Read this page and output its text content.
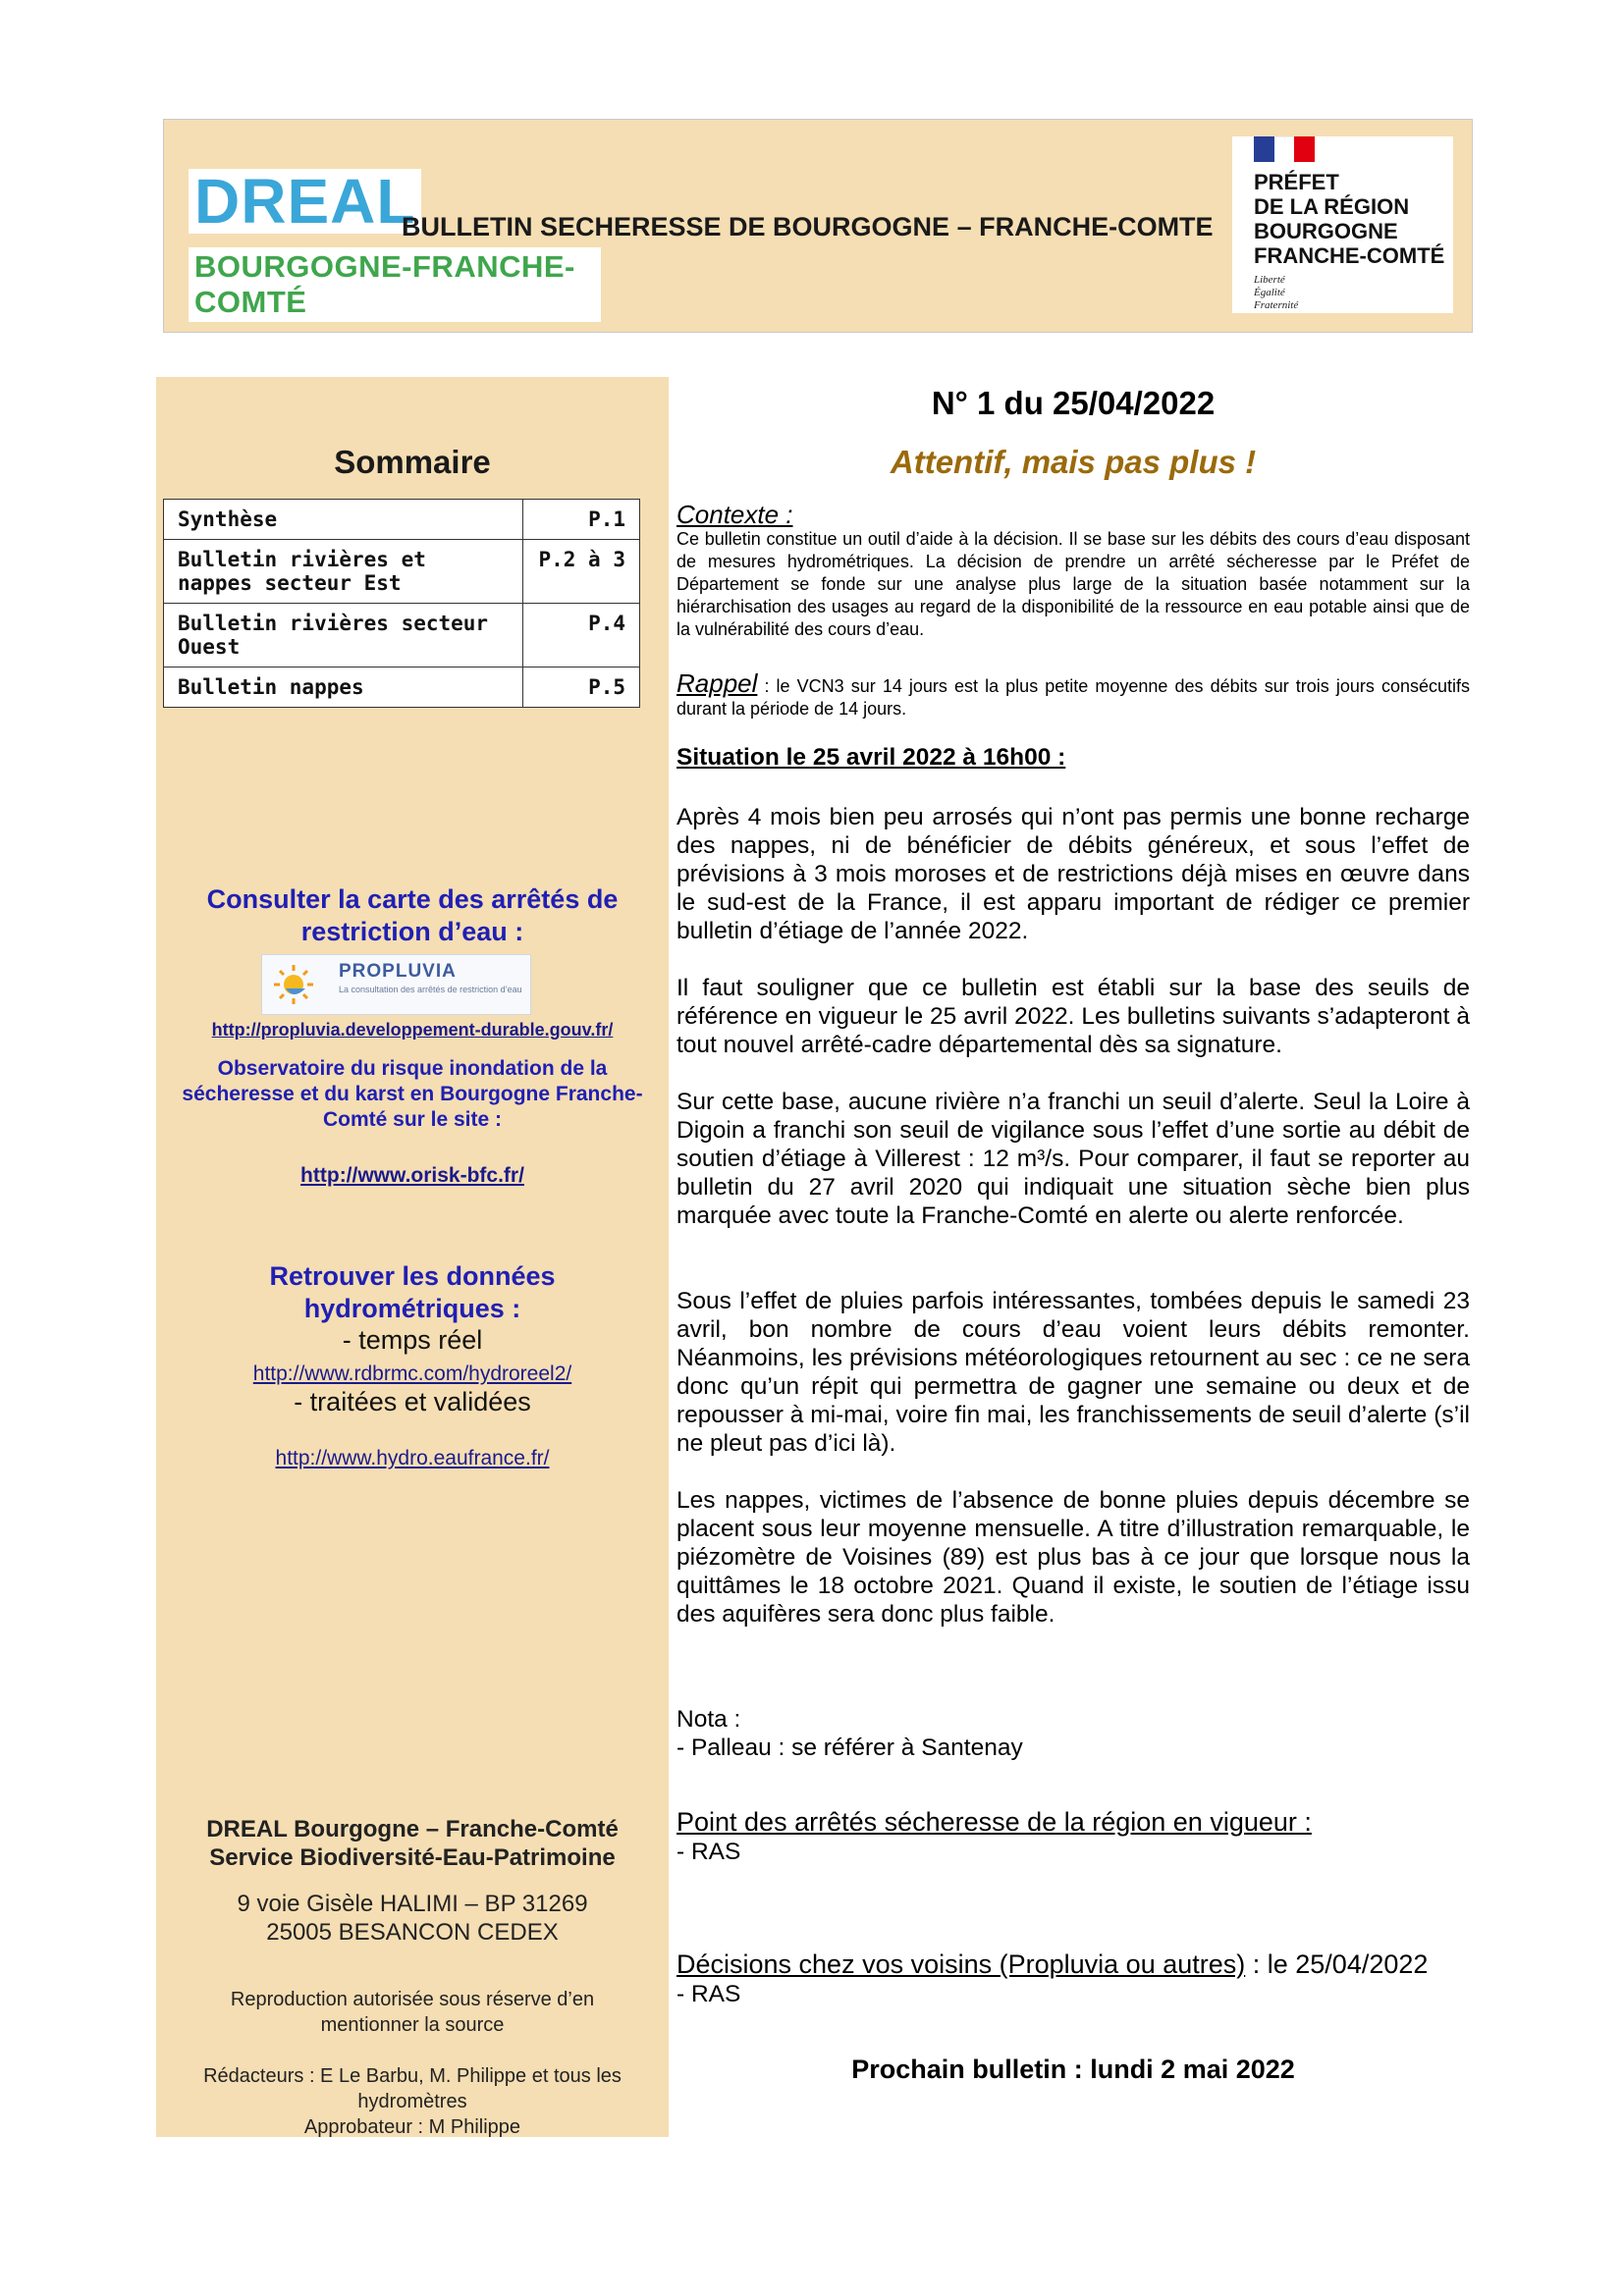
DREAL
BOURGOGNE-FRANCHE-COMTÉ
BULLETIN SECHERESSE DE BOURGOGNE – FRANCHE-COMTE
PRÉFET
DE LA RÉGION
BOURGOGNE
FRANCHE-COMTÉ
Liberté
Égalité
Fraternité
Sommaire
Synthèse	P.1
Bulletin rivières et nappes secteur Est	P.2 à 3
Bulletin rivières secteur Ouest	P.4
Bulletin nappes	P.5
Consulter la carte des arrêtés de restriction d’eau :
PROPLUVIA
La consultation des arrêtés de restriction d’eau
http://propluvia.developpement-durable.gouv.fr/
Observatoire du risque inondation de la sécheresse et du karst en Bourgogne Franche-Comté sur le site :
http://www.orisk-bfc.fr/
Retrouver les données hydrométriques :
- temps réel
http://www.rdbrmc.com/hydroreel2/
- traitées et validées
http://www.hydro.eaufrance.fr/
DREAL Bourgogne – Franche-Comté
Service Biodiversité-Eau-Patrimoine
9 voie Gisèle HALIMI – BP 31269
25005 BESANCON CEDEX
Reproduction autorisée sous réserve d’en mentionner la source
Rédacteurs : E Le Barbu, M. Philippe et tous les hydromètres
Approbateur : M Philippe
N° 1 du 25/04/2022
Attentif, mais pas plus !
Contexte :
Ce bulletin constitue un outil d’aide à la décision. Il se base sur les débits des cours d’eau disposant de mesures hydrométriques. La décision de prendre un arrêté sécheresse par le Préfet de Département se fonde sur une analyse plus large de la situation basée notamment sur la hiérarchisation des usages au regard de la disponibilité de la ressource en eau potable ainsi que de la vulnérabilité des cours d’eau.
Rappel : le VCN3 sur 14 jours est la plus petite moyenne des débits sur trois jours consécutifs durant la période de 14 jours.
Situation le 25 avril 2022 à 16h00 :
Après 4 mois bien peu arrosés qui n’ont pas permis une bonne recharge des nappes, ni de bénéficier de débits généreux, et sous l’effet de prévisions à 3 mois moroses et de restrictions déjà mises en œuvre dans le sud-est de la France, il est apparu important de rédiger ce premier bulletin d’étiage de l’année 2022.
Il faut souligner que ce bulletin est établi sur la base des seuils de référence en vigueur le 25 avril 2022. Les bulletins suivants s’adapteront à tout nouvel arrêté-cadre départemental dès sa signature.
Sur cette base, aucune rivière n’a franchi un seuil d’alerte. Seul la Loire à Digoin a franchi son seuil de vigilance sous l’effet d’une sortie au débit de soutien d’étiage à Villerest : 12 m³/s. Pour comparer, il faut se reporter au bulletin du 27 avril 2020 qui indiquait une situation sèche bien plus marquée avec toute la Franche-Comté en alerte ou alerte renforcée.
Sous l’effet de pluies parfois intéressantes, tombées depuis le samedi 23 avril, bon nombre de cours d’eau voient leurs débits remonter. Néanmoins, les prévisions météorologiques retournent au sec : ce ne sera donc qu’un répit qui permettra de gagner une semaine ou deux et de repousser à mi-mai, voire fin mai, les franchissements de seuil d’alerte (s’il ne pleut pas d’ici là).
Les nappes, victimes de l’absence de bonne pluies depuis décembre se placent sous leur moyenne mensuelle. A titre d’illustration remarquable, le piézomètre de Voisines (89) est plus bas à ce jour que lorsque nous la quittâmes le 18 octobre 2021. Quand il existe, le soutien de l’étiage issu des aquifères sera donc plus faible.
Nota :
- Palleau : se référer à Santenay
Point des arrêtés sécheresse de la région en vigueur :
- RAS
Décisions chez vos voisins (Propluvia ou autres) : le 25/04/2022
- RAS
Prochain bulletin : lundi 2 mai 2022
